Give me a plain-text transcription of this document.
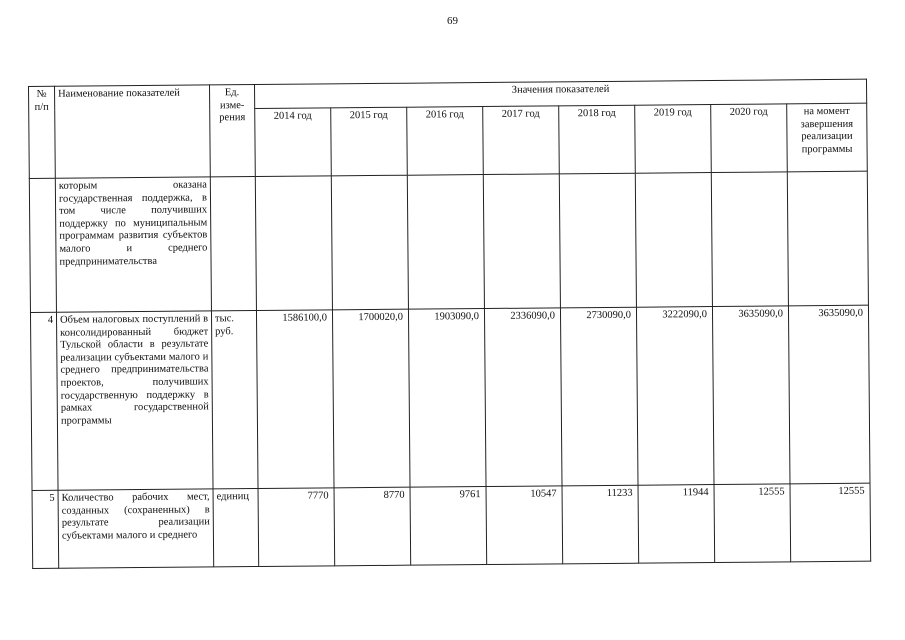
69
№ п/п	Наименование показателей	Ед. изме-рения	Значения показателей							
			2014 год	2015 год	2016 год	2017 год	2018 год	2019 год	2020 год	на момент завершения реализации программы
	которым оказана государственная поддержка, в том числе получивших поддержку по муниципальным программам развития субъектов малого и среднего предпринимательства									
4	Объем налоговых поступлений в консолидированный бюджет Тульской области в результате реализации субъектами малого и среднего предпринимательства проектов, получивших государственную поддержку в рамках государственной программы	тыс. руб.	1586100,0	1700020,0	1903090,0	2336090,0	2730090,0	3222090,0	3635090,0	3635090,0
5	Количество рабочих мест, созданных (сохраненных) в результате реализации субъектами малого и среднего	единиц	7770	8770	9761	10547	11233	11944	12555	12555
